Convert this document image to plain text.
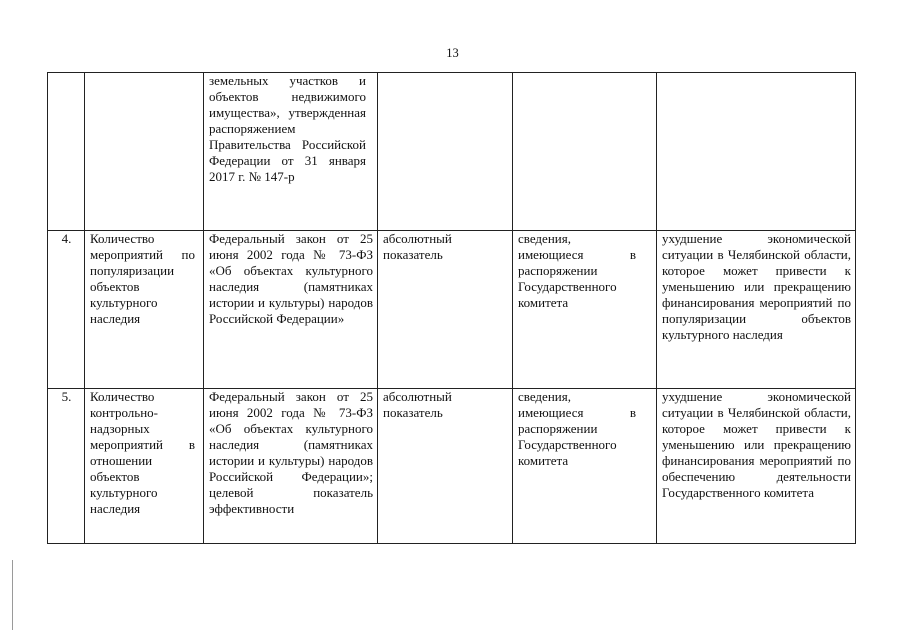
13

		земельных участков и объектов недвижимого имущества», утвержденная распоряжением Правительства Российской Федерации от 31 января 2017 г. № 147-р			

4.	Количество мероприятий по популяризации объектов культурного наследия	Федеральный закон от 25 июня 2002 года № 73-ФЗ «Об объектах культурного наследия (памятниках истории и культуры) народов Российской Федерации»	абсолютный показатель	сведения, имеющиеся в распоряжении Государственного комитета	ухудшение экономической ситуации в Челябинской области, которое может привести к уменьшению или прекращению финансирования мероприятий по популяризации объектов культурного наследия
5.	Количество контрольно-надзорных мероприятий в отношении объектов культурного наследия	Федеральный закон от 25 июня 2002 года № 73-ФЗ «Об объектах культурного наследия (памятниках истории и культуры) народов Российской Федерации»; целевой показатель эффективности	абсолютный показатель	сведения, имеющиеся в распоряжении Государственного комитета	ухудшение экономической ситуации в Челябинской области, которое может привести к уменьшению или прекращению финансирования мероприятий по обеспечению деятельности Государственного комитета
